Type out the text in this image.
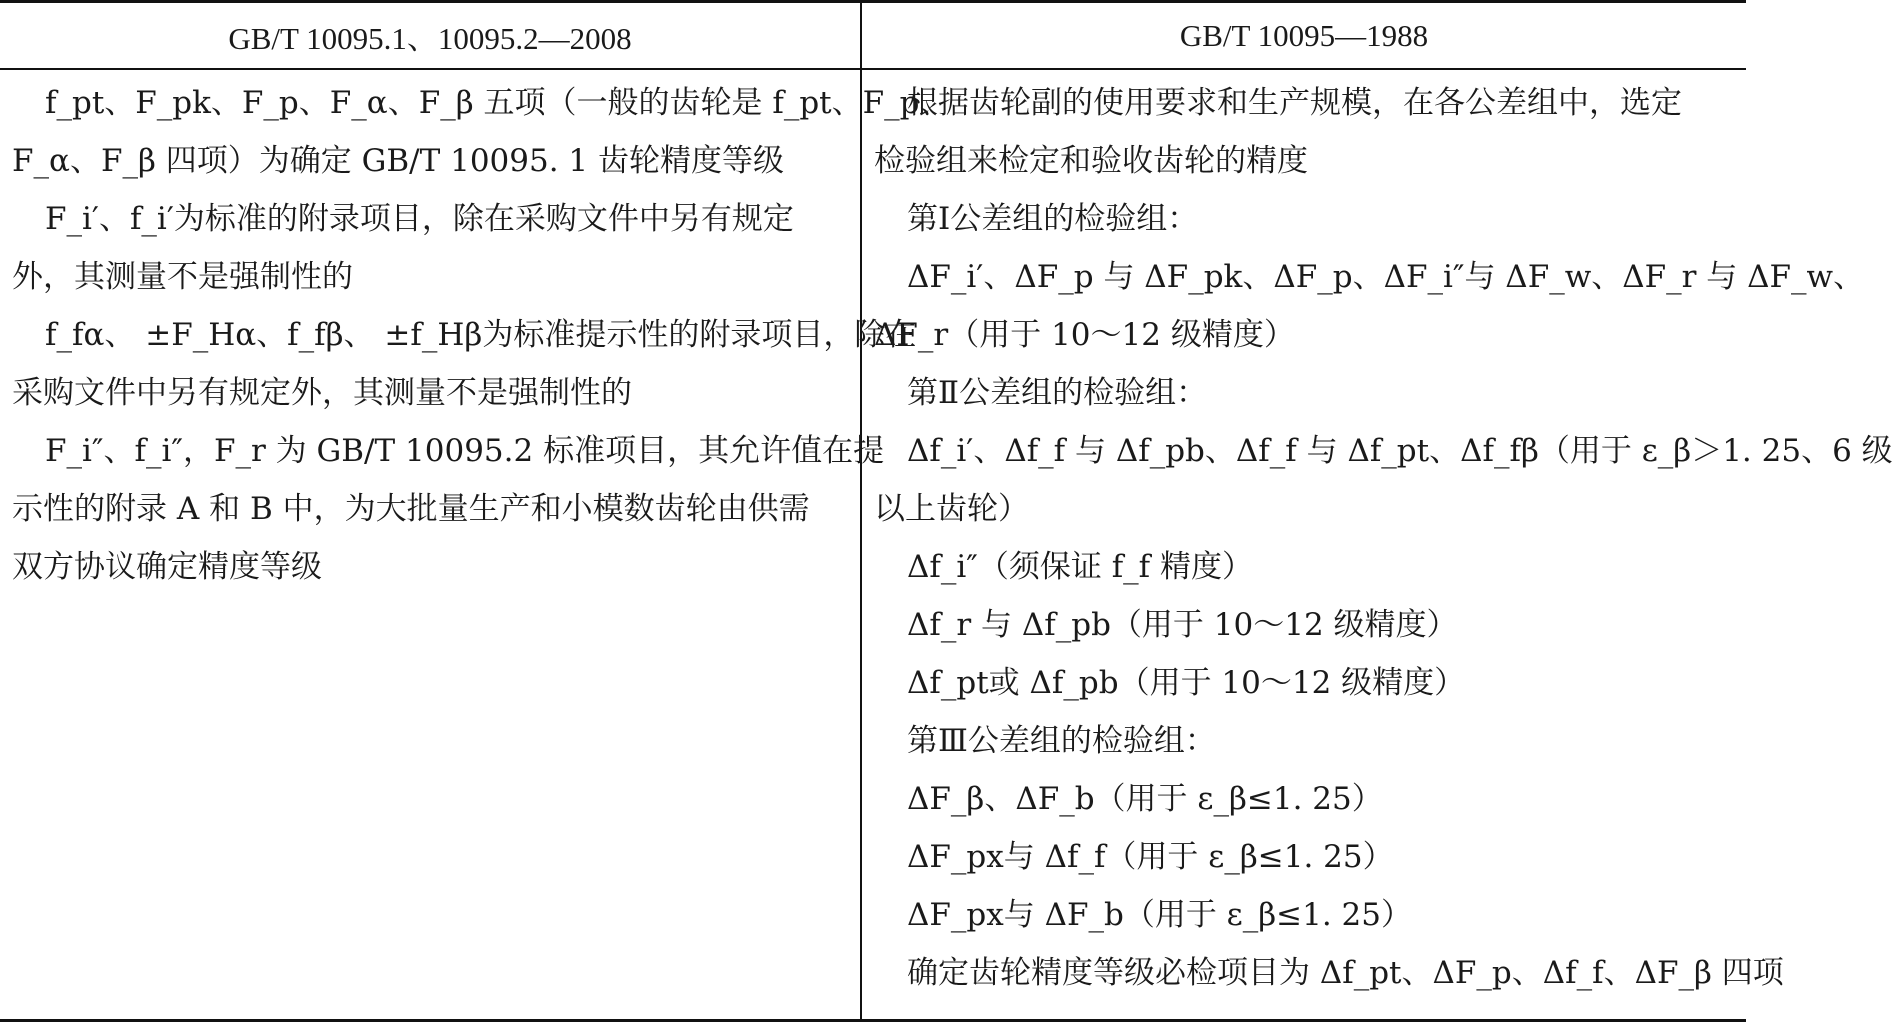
GB/T 10095.1、10095.2—2008	GB/T 10095—1988
f_pt、F_pk、F_p、F_α、F_β 五项（一般的齿轮是 f_pt、F_p、
F_α、F_β 四项）为确定 GB/T 10095. 1 齿轮精度等级
F_i′、f_i′为标准的附录项目，除在采购文件中另有规定
外，其测量不是强制性的
f_fα、 ±F_Hα、f_fβ、 ±f_Hβ为标准提示性的附录项目，除在
采购文件中另有规定外，其测量不是强制性的
F_i″、f_i″，F_r 为 GB/T 10095.2 标准项目，其允许值在提
示性的附录 A 和 B 中，为大批量生产和小模数齿轮由供需
双方协议确定精度等级
根据齿轮副的使用要求和生产规模，在各公差组中，选定
检验组来检定和验收齿轮的精度
第Ⅰ公差组的检验组：
ΔF_i′、ΔF_p 与 ΔF_pk、ΔF_p、ΔF_i″与 ΔF_w、ΔF_r 与 ΔF_w、
ΔF_r（用于 10～12 级精度）
第Ⅱ公差组的检验组：
Δf_i′、Δf_f 与 Δf_pb、Δf_f 与 Δf_pt、Δf_fβ（用于 ε_β＞1. 25、6 级
以上齿轮）
Δf_i″（须保证 f_f 精度）
Δf_r 与 Δf_pb（用于 10～12 级精度）
Δf_pt或 Δf_pb（用于 10～12 级精度）
第Ⅲ公差组的检验组：
ΔF_β、ΔF_b（用于 ε_β≤1. 25）
ΔF_px与 Δf_f（用于 ε_β≤1. 25）
ΔF_px与 ΔF_b（用于 ε_β≤1. 25）
确定齿轮精度等级必检项目为 Δf_pt、ΔF_p、Δf_f、ΔF_β 四项
